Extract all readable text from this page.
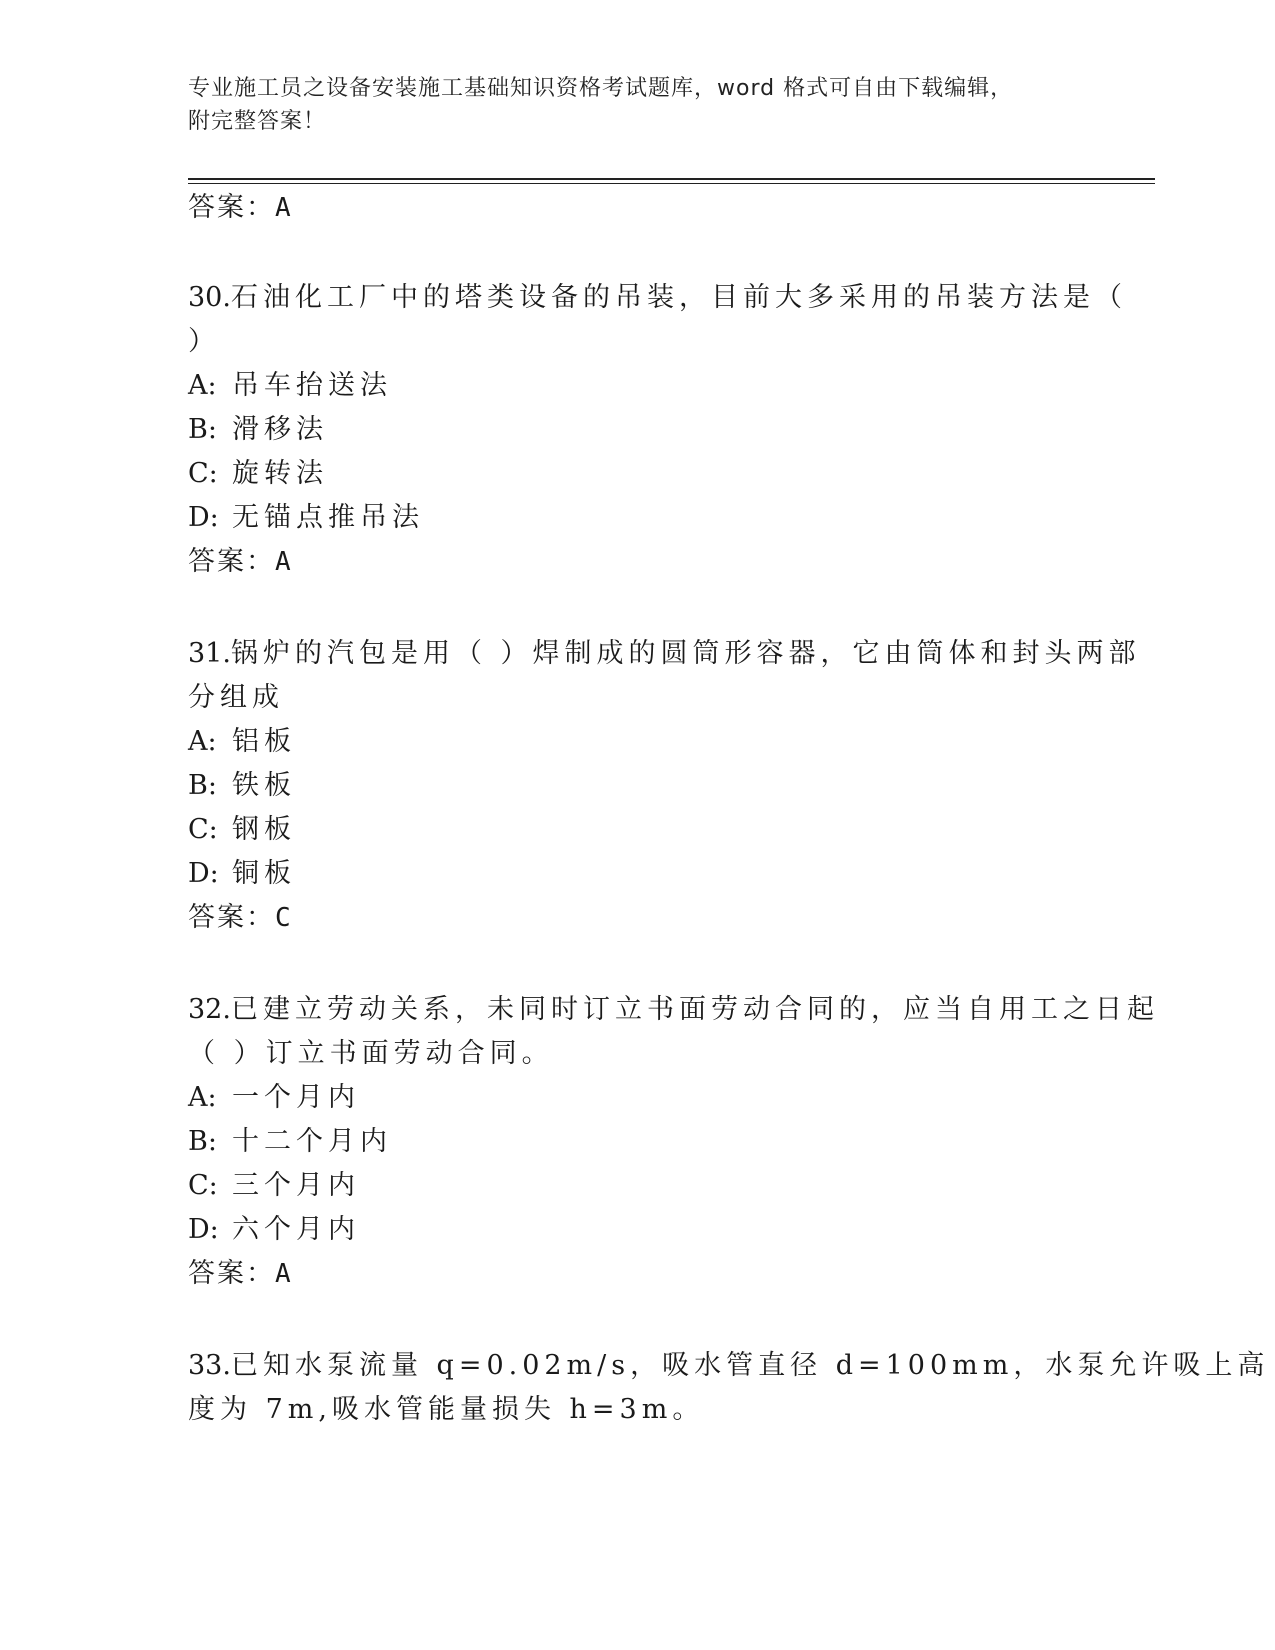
专业施工员之设备安装施工基础知识资格考试题库，word 格式可自由下载编辑，
附完整答案！
答案：A
30.石油化工厂中的塔类设备的吊装，目前大多采用的吊装方法是（
）
A: 吊车抬送法
B: 滑移法
C: 旋转法
D: 无锚点推吊法
答案：A
31.锅炉的汽包是用（ ）焊制成的圆筒形容器，它由筒体和封头两部
分组成
A: 铝板
B: 铁板
C: 钢板
D: 铜板
答案：C
32.已建立劳动关系，未同时订立书面劳动合同的，应当自用工之日起
（ ）订立书面劳动合同。
A: 一个月内
B: 十二个月内
C: 三个月内
D: 六个月内
答案：A
33.已知水泵流量 q=0.02m/s，吸水管直径 d=100mm，水泵允许吸上高
度为 7m,吸水管能量损失 h=3m。
